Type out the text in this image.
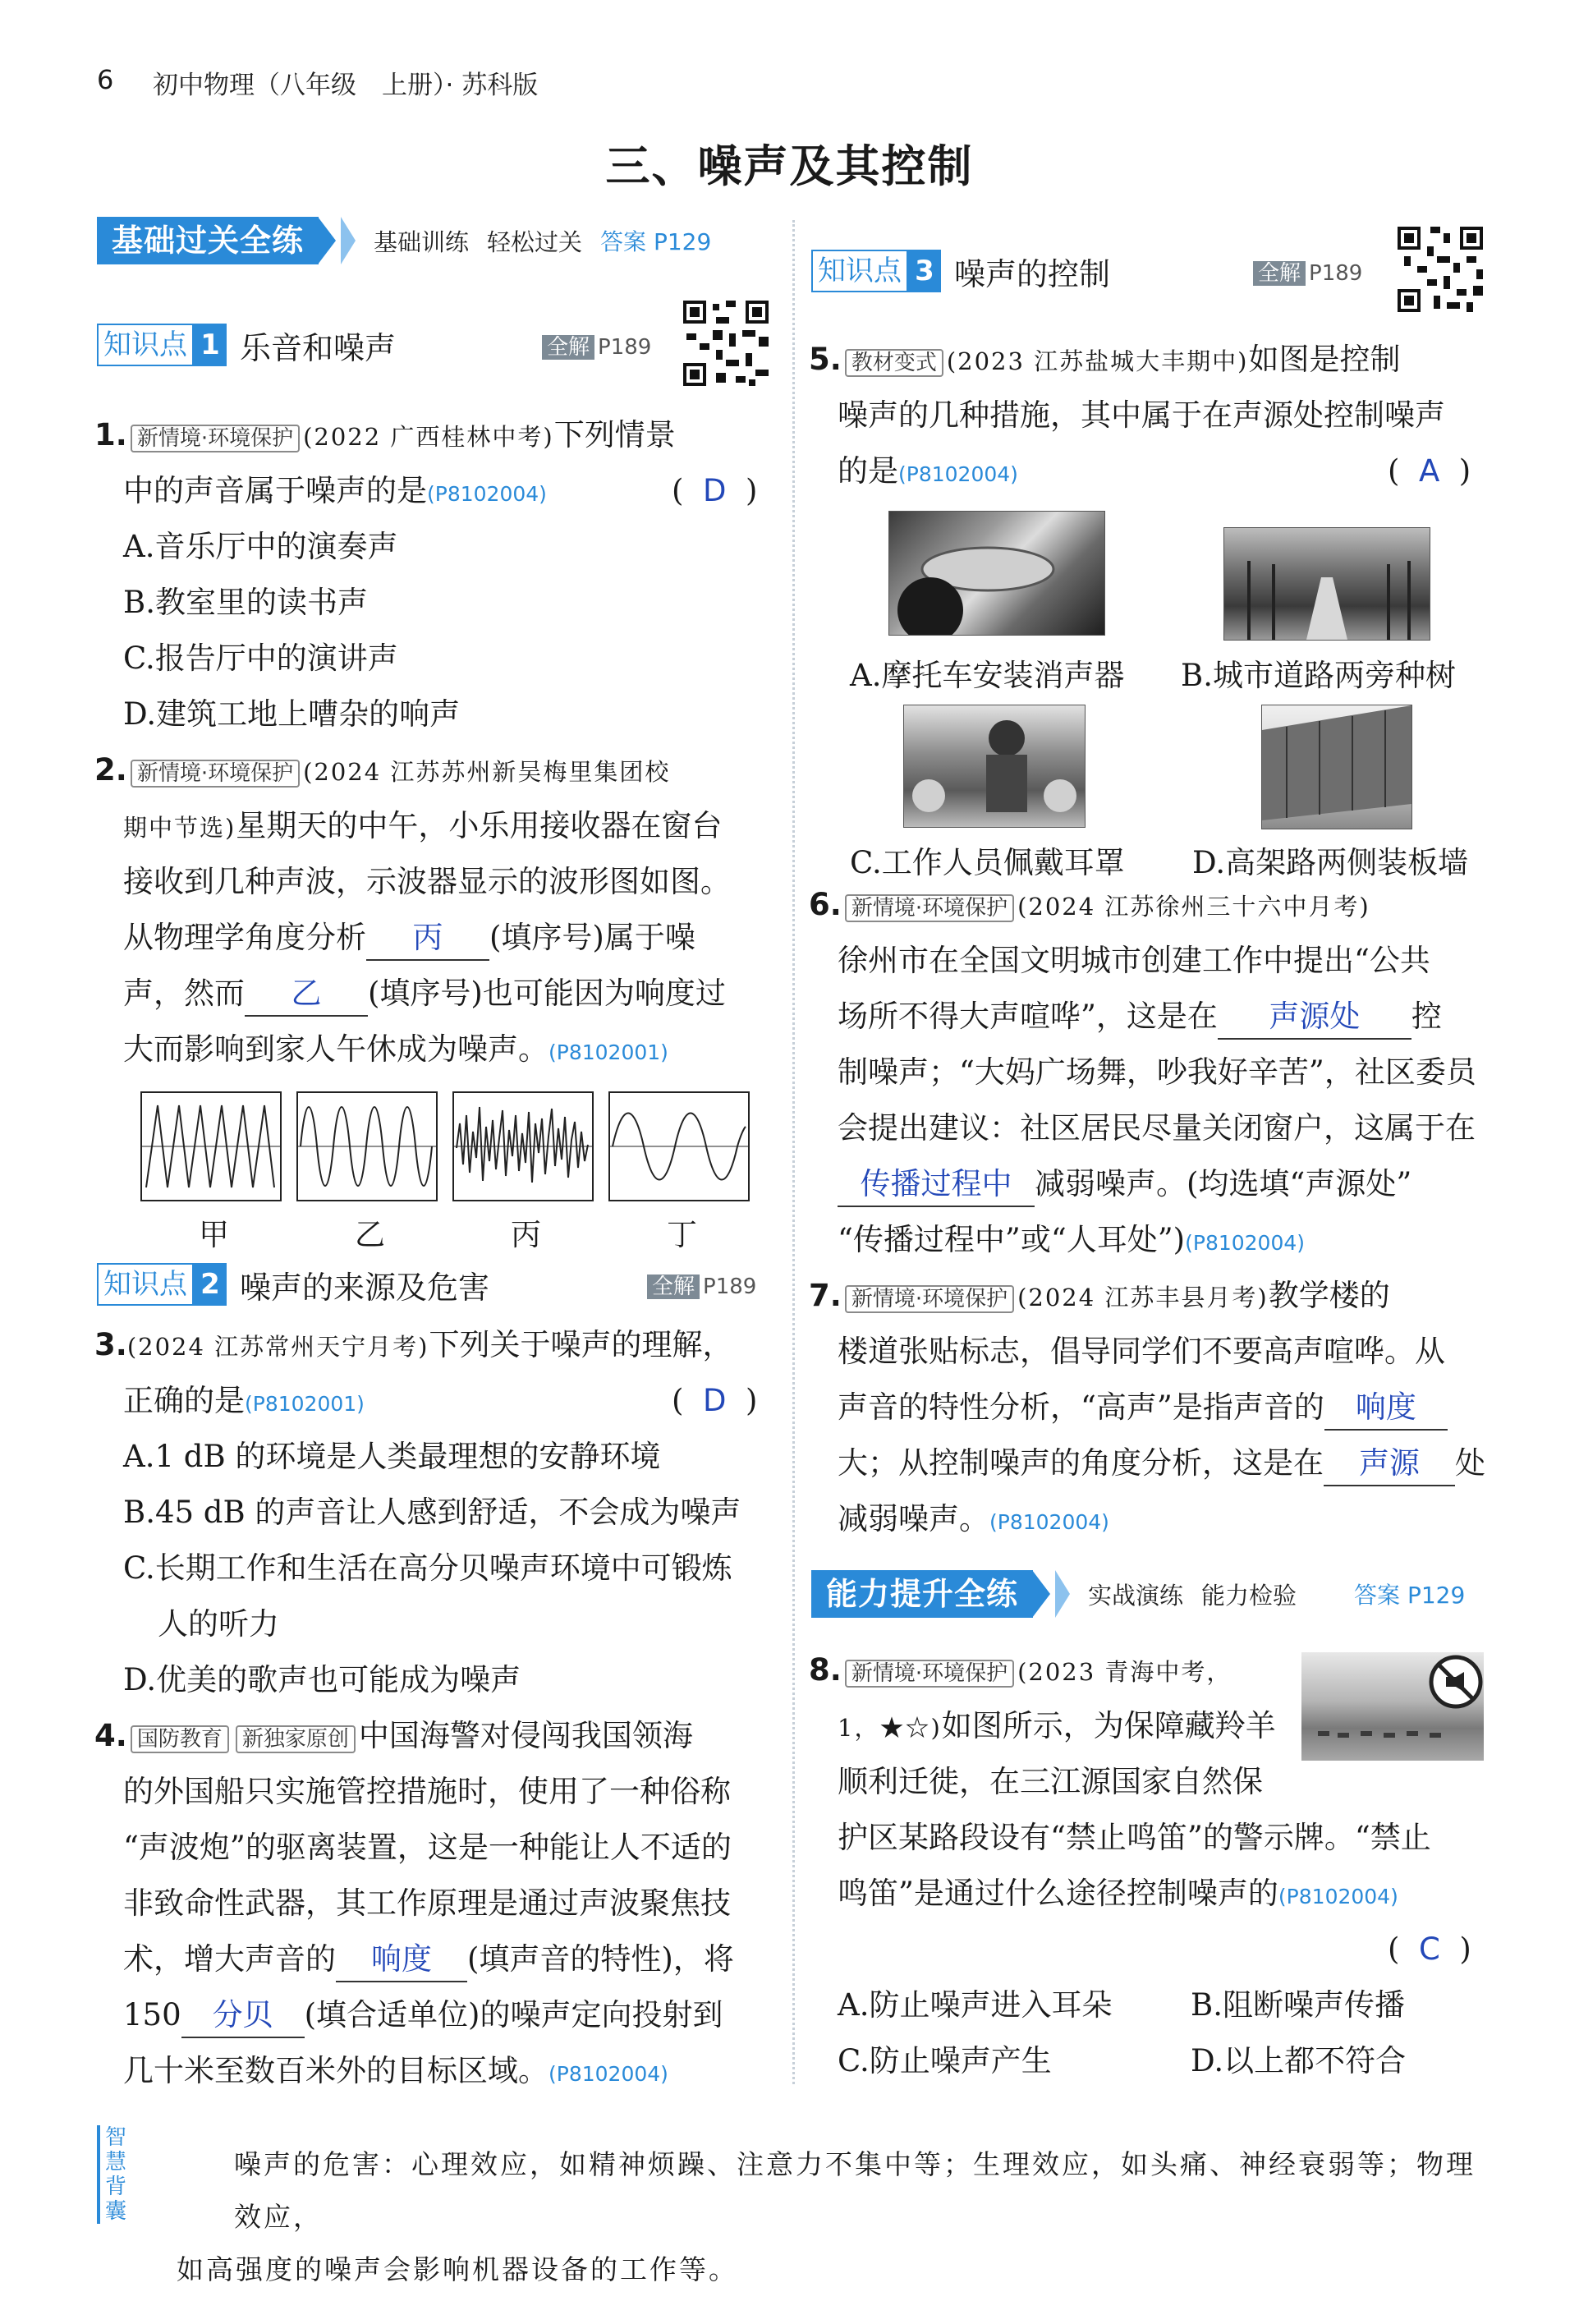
6 初中物理（八年级　上册）· 苏科版
三、噪声及其控制
基础过关全练	基础训练 轻松过关 答案 P129
知识点 1 乐音和噪声	全解 P189
1. 新情境·环境保护 (2022 广西桂林中考)下列情景
中的声音属于噪声的是(P8102004)	(  D  )
A.音乐厅中的演奏声
B.教室里的读书声
C.报告厅中的演讲声
D.建筑工地上嘈杂的响声
2. 新情境·环境保护 (2024 江苏苏州新吴梅里集团校
期中节选)星期天的中午，小乐用接收器在窗台
接收到几种声波，示波器显示的波形图如图。
从物理学角度分析 丙 (填序号)属于噪
声，然而 乙 (填序号)也可能因为响度过
大而影响到家人午休成为噪声。(P8102001)
甲	乙	丙	丁
知识点 2 噪声的来源及危害	全解 P189
3.(2024 江苏常州天宁月考)下列关于噪声的理解，
正确的是(P8102001)	(  D  )
A.1 dB 的环境是人类最理想的安静环境
B.45 dB 的声音让人感到舒适，不会成为噪声
C.长期工作和生活在高分贝噪声环境中可锻炼
人的听力
D.优美的歌声也可能成为噪声
4. 国防教育 新独家原创 中国海警对侵闯我国领海
的外国船只实施管控措施时，使用了一种俗称
“声波炮”的驱离装置，这是一种能让人不适的
非致命性武器，其工作原理是通过声波聚焦技
术，增大声音的 响度 (填声音的特性)，将
150 分贝 (填合适单位)的噪声定向投射到
几十米至数百米外的目标区域。(P8102004)
知识点 3 噪声的控制	全解 P189
5. 教材变式 (2023 江苏盐城大丰期中)如图是控制
噪声的几种措施，其中属于在声源处控制噪声
的是(P8102004)	(  A  )
A.摩托车安装消声器 B.城市道路两旁种树
C.工作人员佩戴耳罩 D.高架路两侧装板墙
6. 新情境·环境保护 (2024 江苏徐州三十六中月考)
徐州市在全国文明城市创建工作中提出“公共
场所不得大声喧哗”，这是在 声源处 控
制噪声；“大妈广场舞，吵我好辛苦”，社区委员
会提出建议：社区居民尽量关闭窗户，这属于在
传播过程中 减弱噪声。(均选填“声源处”
“传播过程中”或“人耳处”)(P8102004)
7. 新情境·环境保护 (2024 江苏丰县月考)教学楼的
楼道张贴标志，倡导同学们不要高声喧哗。从
声音的特性分析，“高声”是指声音的 响度
大；从控制噪声的角度分析，这是在 声源 处
减弱噪声。(P8102004)
能力提升全练	实战演练 能力检验	答案 P129
8. 新情境·环境保护 (2023 青海中考，
1，★☆)如图所示，为保障藏羚羊
顺利迁徙，在三江源国家自然保
护区某路段设有“禁止鸣笛”的警示牌。“禁止
鸣笛”是通过什么途径控制噪声的(P8102004)
(  C  )
A.防止噪声进入耳朵	B.阻断噪声传播
C.防止噪声产生	D.以上都不符合
智慧背囊
噪声的危害：心理效应，如精神烦躁、注意力不集中等；生理效应，如头痛、神经衰弱等；物理效应，
如高强度的噪声会影响机器设备的工作等。
